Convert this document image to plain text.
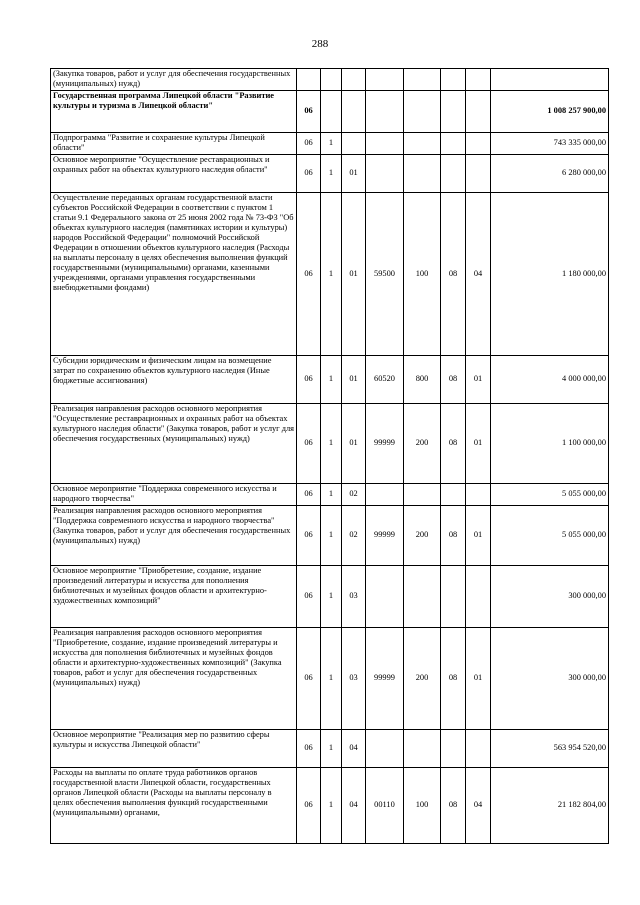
288
(Закупка товаров, работ и услуг для обеспечения государственных (муниципальных) нужд)								
Государственная программа Липецкой области "Развитие культуры и туризма в Липецкой области"	06							1 008 257 900,00
Подпрограмма "Развитие и сохранение культуры Липецкой области"	06	1						743 335 000,00
Основное мероприятие "Осуществление реставрационных и охранных работ на объектах культурного наследия области"	06	1	01					6 280 000,00
Осуществление переданных органам государственной власти субъектов Российской Федерации в соответствии с пунктом 1 статьи 9.1 Федерального закона от 25 июня 2002 года № 73-ФЗ "Об объектах культурного наследия (памятниках истории и культуры) народов Российской Федерации" полномочий Российской Федерации в отношении объектов культурного наследия (Расходы на выплаты персоналу в целях обеспечения выполнения функций государственными (муниципальными) органами, казенными учреждениями, органами управления государственными внебюджетными фондами)	06	1	01	59500	100	08	04	1 180 000,00
Субсидии юридическим и физическим лицам на возмещение затрат по сохранению объектов культурного наследия (Иные бюджетные ассигнования)	06	1	01	60520	800	08	01	4 000 000,00
Реализация направления расходов основного мероприятия "Осуществление реставрационных и охранных работ на объектах культурного наследия области" (Закупка товаров, работ и услуг для обеспечения государственных (муниципальных) нужд)	06	1	01	99999	200	08	01	1 100 000,00
Основное мероприятие "Поддержка современного искусства и народного творчества"	06	1	02					5 055 000,00
Реализация направления расходов основного мероприятия "Поддержка современного искусства и народного творчества" (Закупка товаров, работ и услуг для обеспечения государственных (муниципальных) нужд)	06	1	02	99999	200	08	01	5 055 000,00
Основное мероприятие "Приобретение, создание, издание произведений литературы и искусства для пополнения библиотечных и музейных фондов области и архитектурно-художественных композиций"	06	1	03					300 000,00
Реализация направления расходов основного мероприятия "Приобретение, создание, издание произведений литературы и искусства для пополнения библиотечных и музейных фондов области и архитектурно-художественных композиций" (Закупка товаров, работ и услуг для обеспечения государственных (муниципальных) нужд)	06	1	03	99999	200	08	01	300 000,00
Основное мероприятие "Реализация мер по развитию сферы культуры и искусства Липецкой области"	06	1	04					563 954 520,00
Расходы на выплаты по оплате труда работников органов государственной власти Липецкой области, государственных органов Липецкой области (Расходы на выплаты персоналу в целях обеспечения выполнения функций государственными (муниципальными) органами,	06	1	04	00110	100	08	04	21 182 804,00
